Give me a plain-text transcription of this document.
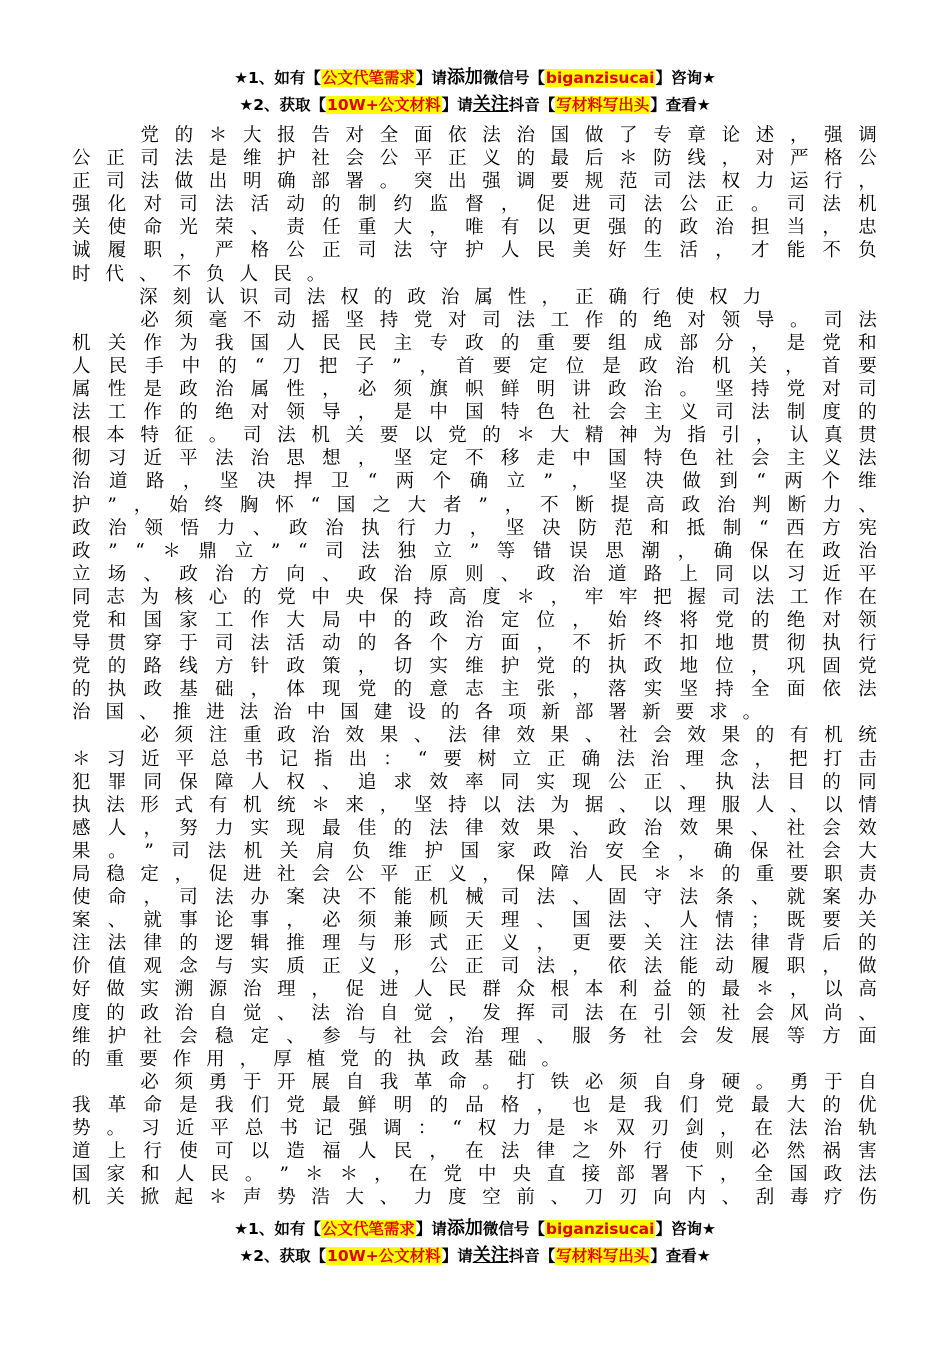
★1、如有【公文代笔需求】请添加微信号【biganzisucai】咨询★
★2、获取【10W+公文材料】请关注抖音【写材料写出头】查看★

党 的 ＊ 大 报 告 对 全 面 依 法 治 国 做 了 专 章 论 述 ， 强 调
公 正 司 法 是 维 护 社 会 公 平 正 义 的 最 后 ＊ 防 线 ， 对 严 格 公
正 司 法 做 出 明 确 部 署 。 突 出 强 调 要 规 范 司 法 权 力 运 行 ，
强 化 对 司 法 活 动 的 制 约 监 督 ， 促 进 司 法 公 正 。 司 法 机
关 使 命 光 荣 、 责 任 重 大 ， 唯 有 以 更 强 的 政 治 担 当 ， 忠
诚 履 职 ， 严 格 公 正 司 法 守 护 人 民 美 好 生 活 ， 才 能 不 负
时 代 、 不 负 人 民 。

深 刻 认 识 司 法 权 的 政 治 属 性 ， 正 确 行 使 权 力

必 须 毫 不 动 摇 坚 持 党 对 司 法 工 作 的 绝 对 领 导 。 司 法
机 关 作 为 我 国 人 民 民 主 专 政 的 重 要 组 成 部 分 ， 是 党 和
人 民 手 中 的 “ 刀 把 子 ” ， 首 要 定 位 是 政 治 机 关 ， 首 要
属 性 是 政 治 属 性 ， 必 须 旗 帜 鲜 明 讲 政 治 。 坚 持 党 对 司
法 工 作 的 绝 对 领 导 ， 是 中 国 特 色 社 会 主 义 司 法 制 度 的
根 本 特 征 。 司 法 机 关 要 以 党 的 ＊ 大 精 神 为 指 引 ， 认 真 贯
彻 习 近 平 法 治 思 想 ， 坚 定 不 移 走 中 国 特 色 社 会 主 义 法
治 道 路 ， 坚 决 捍 卫 “ 两 个 确 立 ” ， 坚 决 做 到 “ 两 个 维
护 ” ， 始 终 胸 怀 “ 国 之 大 者 ” ， 不 断 提 高 政 治 判 断 力 、
政 治 领 悟 力 、 政 治 执 行 力 ， 坚 决 防 范 和 抵 制 “ 西 方 宪
政 ” “ ＊ 鼎 立 ” “ 司 法 独 立 ” 等 错 误 思 潮 ， 确 保 在 政 治
立 场 、 政 治 方 向 、 政 治 原 则 、 政 治 道 路 上 同 以 习 近 平
同 志 为 核 心 的 党 中 央 保 持 高 度 ＊ ， 牢 牢 把 握 司 法 工 作 在
党 和 国 家 工 作 大 局 中 的 政 治 定 位 ， 始 终 将 党 的 绝 对 领
导 贯 穿 于 司 法 活 动 的 各 个 方 面 ， 不 折 不 扣 地 贯 彻 执 行
党 的 路 线 方 针 政 策 ， 切 实 维 护 党 的 执 政 地 位 ， 巩 固 党
的 执 政 基 础 ， 体 现 党 的 意 志 主 张 ， 落 实 坚 持 全 面 依 法
治 国 、 推 进 法 治 中 国 建 设 的 各 项 新 部 署 新 要 求 。

必 须 注 重 政 治 效 果 、 法 律 效 果 、 社 会 效 果 的 有 机 统
＊ 习 近 平 总 书 记 指 出 ： “ 要 树 立 正 确 法 治 理 念 ， 把 打 击
犯 罪 同 保 障 人 权 、 追 求 效 率 同 实 现 公 正 、 执 法 目 的 同
执 法 形 式 有 机 统 ＊ 来 ， 坚 持 以 法 为 据 、 以 理 服 人 、 以 情
感 人 ， 努 力 实 现 最 佳 的 法 律 效 果 、 政 治 效 果 、 社 会 效
果 。 ” 司 法 机 关 肩 负 维 护 国 家 政 治 安 全 ， 确 保 社 会 大
局 稳 定 ， 促 进 社 会 公 平 正 义 ， 保 障 人 民 ＊ ＊ 的 重 要 职 责
使 命 ， 司 法 办 案 决 不 能 机 械 司 法 、 固 守 法 条 、 就 案 办
案 、 就 事 论 事 ， 必 须 兼 顾 天 理 、 国 法 、 人 情 ； 既 要 关
注 法 律 的 逻 辑 推 理 与 形 式 正 义 ， 更 要 关 注 法 律 背 后 的
价 值 观 念 与 实 质 正 义 ， 公 正 司 法 ， 依 法 能 动 履 职 ， 做
好 做 实 溯 源 治 理 ， 促 进 人 民 群 众 根 本 利 益 的 最 ＊ ， 以 高
度 的 政 治 自 觉 、 法 治 自 觉 ， 发 挥 司 法 在 引 领 社 会 风 尚 、
维 护 社 会 稳 定 、 参 与 社 会 治 理 、 服 务 社 会 发 展 等 方 面
的 重 要 作 用 ， 厚 植 党 的 执 政 基 础 。

必 须 勇 于 开 展 自 我 革 命 。 打 铁 必 须 自 身 硬 。 勇 于 自
我 革 命 是 我 们 党 最 鲜 明 的 品 格 ， 也 是 我 们 党 最 大 的 优
势 。 习 近 平 总 书 记 强 调 ： “ 权 力 是 ＊ 双 刃 剑 ， 在 法 治 轨
道 上 行 使 可 以 造 福 人 民 ， 在 法 律 之 外 行 使 则 必 然 祸 害
国 家 和 人 民 。 ” ＊ ＊ ， 在 党 中 央 直 接 部 署 下 ， 全 国 政 法
机 关 掀 起 ＊ 声 势 浩 大 、 力 度 空 前 、 刀 刃 向 内 、 刮 毒 疗 伤
★1、如有【公文代笔需求】请添加微信号【biganzisucai】咨询★
★2、获取【10W+公文材料】请关注抖音【写材料写出头】查看★
